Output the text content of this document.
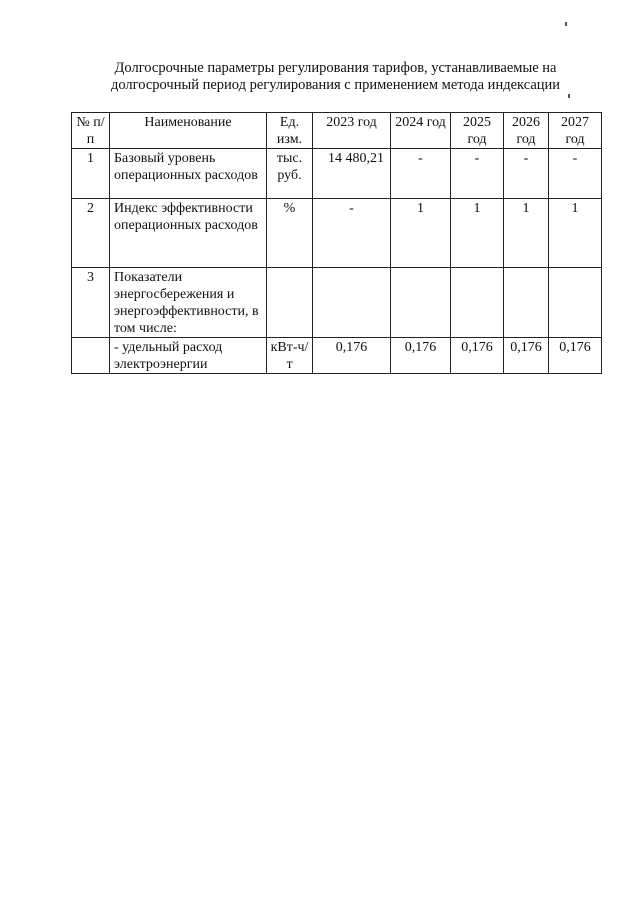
Долгосрочные параметры регулирования тарифов, устанавливаемые на
долгосрочный период регулирования с применением метода индексации
№ п/п	Наименование	Ед. изм.	2023 год	2024 год	2025 год	2026 год	2027 год
1	Базовый уровень операционных расходов	тыс. руб.	14 480,21	-	-	-	-
2	Индекс эффективности операционных расходов	%	-	1	1	1	1
3	Показатели энергосбережения и энергоэффективности, в том числе:						
	- удельный расход электроэнергии	кВт-ч/т	0,176	0,176	0,176	0,176	0,176
